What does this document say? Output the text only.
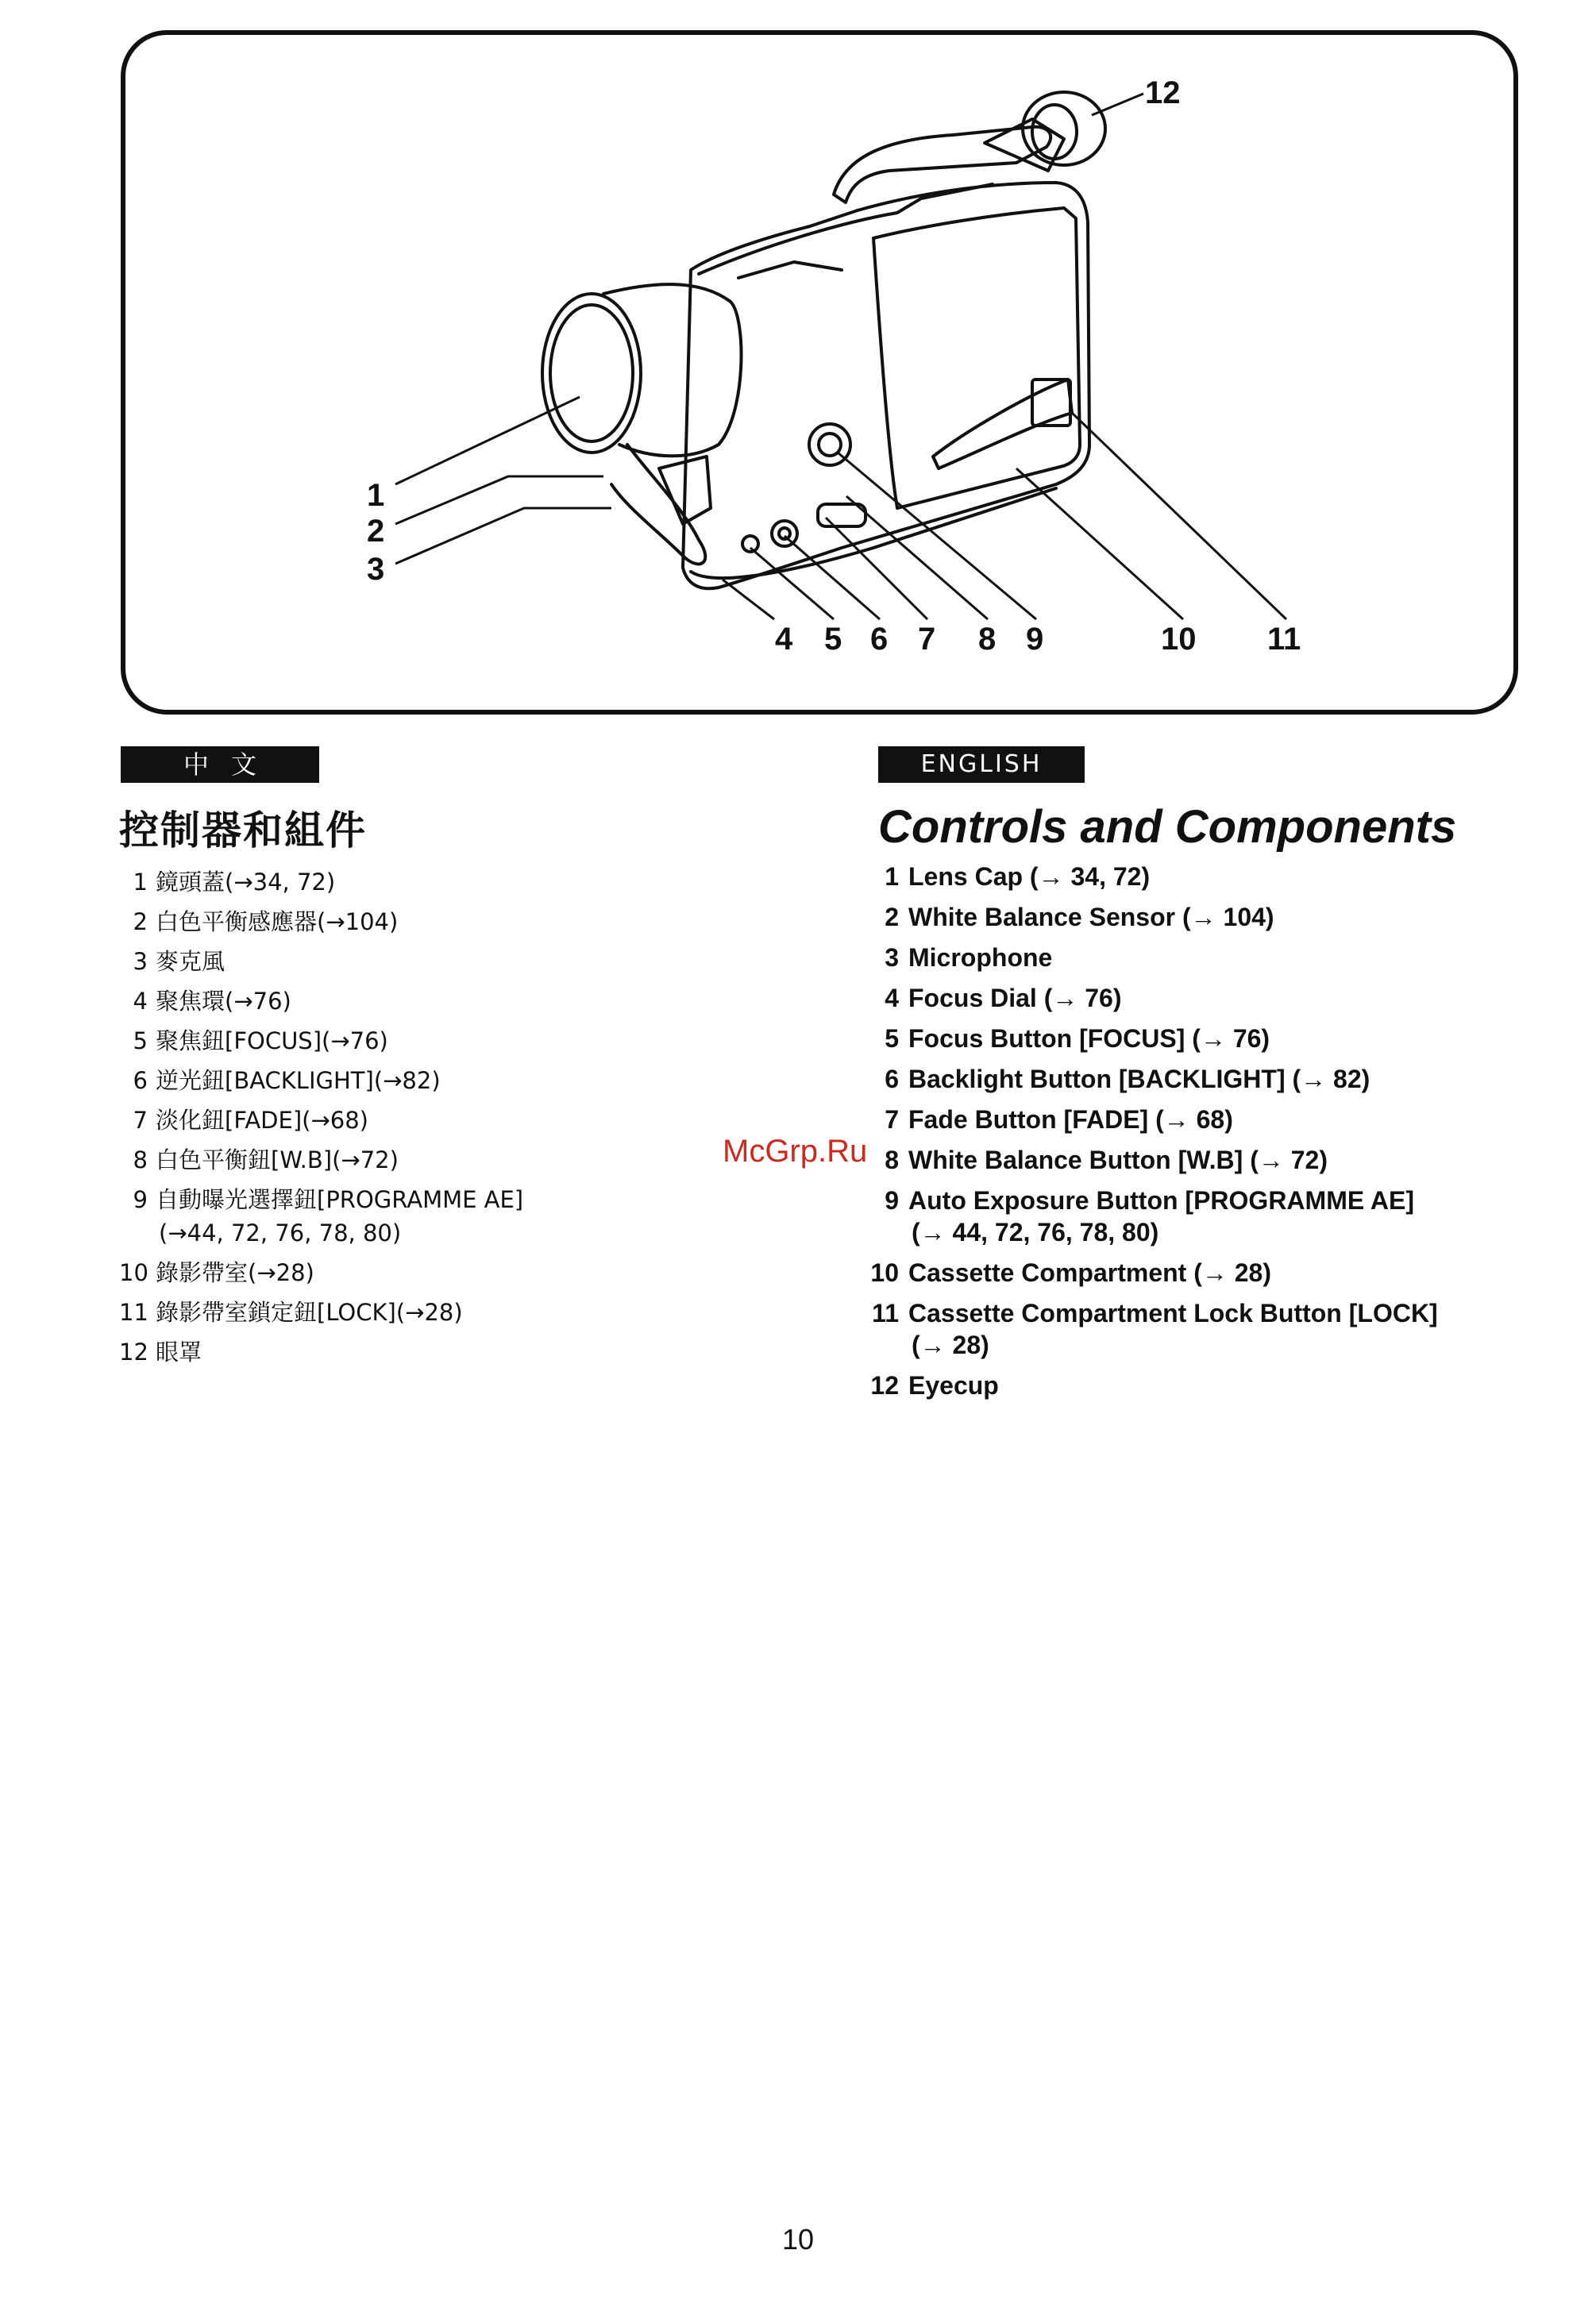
1
2
3
4 5 6 7 8 9	10 11
12
中文
控制器和組件
1 鏡頭蓋(→34, 72)
2 白色平衡感應器(→104)
3 麥克風
4 聚焦環(→76)
5 聚焦鈕[FOCUS](→76)
6 逆光鈕[BACKLIGHT](→82)
7 淡化鈕[FADE](→68)
8 白色平衡鈕[W.B](→72)
9 自動曝光選擇鈕[PROGRAMME AE]
(→44, 72, 76, 78, 80)
10 錄影帶室(→28)
11 錄影帶室鎖定鈕[LOCK](→28)
12 眼罩
ENGLISH
Controls and Components
1 Lens Cap (→ 34, 72)
2 White Balance Sensor (→ 104)
3 Microphone
4 Focus Dial (→ 76)
5 Focus Button [FOCUS] (→ 76)
6 Backlight Button [BACKLIGHT] (→ 82)
7 Fade Button [FADE] (→ 68)
8 White Balance Button [W.B] (→ 72)
9 Auto Exposure Button [PROGRAMME AE]
(→ 44, 72, 76, 78, 80)
10 Cassette Compartment (→ 28)
11 Cassette Compartment Lock Button [LOCK]
(→ 28)
12 Eyecup
McGrp.Ru
10
